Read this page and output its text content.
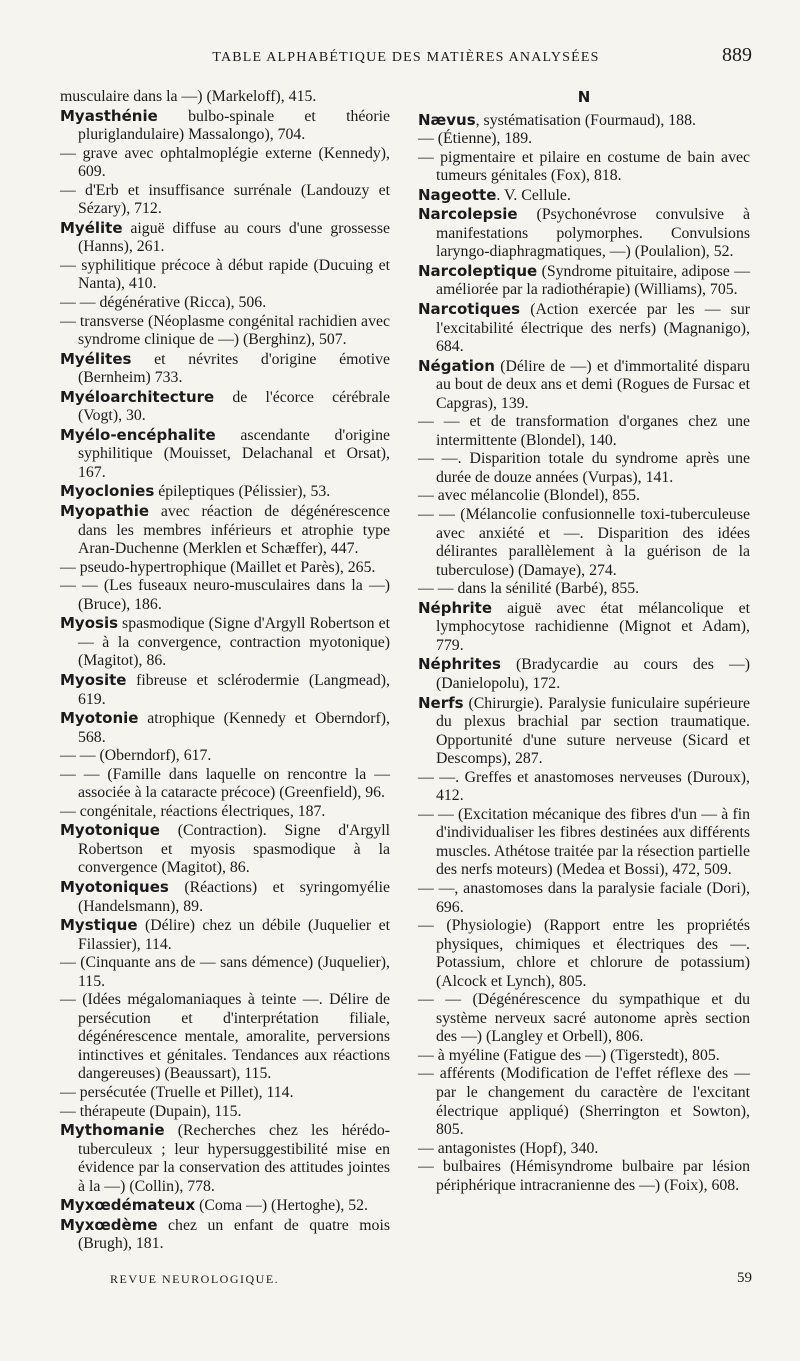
TABLE ALPHABÉTIQUE DES MATIÈRES ANALYSÉES	889

musculaire dans la —) (Markeloff), 415.

Myasthénie bulbo-spinale et théorie pluriglandulaire) Massalongo), 704.

— grave avec ophtalmoplégie externe (Kennedy), 609.

— d'Erb et insuffisance surrénale (Landouzy et Sézary), 712.

Myélite aiguë diffuse au cours d'une grossesse (Hanns), 261.

— syphilitique précoce à début rapide (Ducuing et Nanta), 410.

— — dégénérative (Ricca), 506.

— transverse (Néoplasme congénital rachidien avec syndrome clinique de —) (Berghinz), 507.

Myélites et névrites d'origine émotive (Bernheim) 733.

Myéloarchitecture de l'écorce cérébrale (Vogt), 30.

Myélo-encéphalite ascendante d'origine syphilitique (Mouisset, Delachanal et Orsat), 167.

Myoclonies épileptiques (Pélissier), 53.

Myopathie avec réaction de dégénérescence dans les membres inférieurs et atrophie type Aran-Duchenne (Merklen et Schæffer), 447.

— pseudo-hypertrophique (Maillet et Parès), 265.

— — (Les fuseaux neuro-musculaires dans la —) (Bruce), 186.

Myosis spasmodique (Signe d'Argyll Robertson et — à la convergence, contraction myotonique) (Magitot), 86.

Myosite fibreuse et sclérodermie (Langmead), 619.

Myotonie atrophique (Kennedy et Oberndorf), 568.

— — (Oberndorf), 617.

— — (Famille dans laquelle on rencontre la — associée à la cataracte précoce) (Greenfield), 96.

— congénitale, réactions électriques, 187.

Myotonique (Contraction). Signe d'Argyll Robertson et myosis spasmodique à la convergence (Magitot), 86.

Myotoniques (Réactions) et syringomyélie (Handelsmann), 89.

Mystique (Délire) chez un débile (Juquelier et Filassier), 114.

— (Cinquante ans de — sans démence) (Juquelier), 115.

— (Idées mégalomaniaques à teinte —. Délire de persécution et d'interprétation filiale, dégénérescence mentale, amoralite, perversions intinctives et génitales. Tendances aux réactions dangereuses) (Beaussart), 115.

— persécutée (Truelle et Pillet), 114.

— thérapeute (Dupain), 115.

Mythomanie (Recherches chez les hérédo-tuberculeux ; leur hypersuggestibilité mise en évidence par la conservation des attitudes jointes à la —) (Collin), 778.

Myxœdémateux (Coma —) (Hertoghe), 52.

Myxœdème chez un enfant de quatre mois (Brugh), 181.

N

Nævus, systématisation (Fourmaud), 188.

— (Étienne), 189.

— pigmentaire et pilaire en costume de bain avec tumeurs génitales (Fox), 818.

Nageotte. V. Cellule.

Narcolepsie (Psychonévrose convulsive à manifestations polymorphes. Convulsions laryngo-diaphragmatiques, —) (Poulalion), 52.

Narcoleptique (Syndrome pituitaire, adipose — améliorée par la radiothérapie) (Williams), 705.

Narcotiques (Action exercée par les — sur l'excitabilité électrique des nerfs) (Magnanigo), 684.

Négation (Délire de —) et d'immortalité disparu au bout de deux ans et demi (Rogues de Fursac et Capgras), 139.

— — et de transformation d'organes chez une intermittente (Blondel), 140.

— —. Disparition totale du syndrome après une durée de douze années (Vurpas), 141.

— avec mélancolie (Blondel), 855.

— — (Mélancolie confusionnelle toxi-tuberculeuse avec anxiété et —. Disparition des idées délirantes parallèlement à la guérison de la tuberculose) (Damaye), 274.

— — dans la sénilité (Barbé), 855.

Néphrite aiguë avec état mélancolique et lymphocytose rachidienne (Mignot et Adam), 779.

Néphrites (Bradycardie au cours des —) (Danielopolu), 172.

Nerfs (Chirurgie). Paralysie funiculaire supérieure du plexus brachial par section traumatique. Opportunité d'une suture nerveuse (Sicard et Descomps), 287.

— —. Greffes et anastomoses nerveuses (Duroux), 412.

— — (Excitation mécanique des fibres d'un — à fin d'individualiser les fibres destinées aux différents muscles. Athétose traitée par la résection partielle des nerfs moteurs) (Medea et Bossi), 472, 509.

— —, anastomoses dans la paralysie faciale (Dori), 696.

— (Physiologie) (Rapport entre les propriétés physiques, chimiques et électriques des —. Potassium, chlore et chlorure de potassium) (Alcock et Lynch), 805.

— — (Dégénérescence du sympathique et du système nerveux sacré autonome après section des —) (Langley et Orbell), 806.

— à myéline (Fatigue des —) (Tigerstedt), 805.

— afférents (Modification de l'effet réflexe des — par le changement du caractère de l'excitant électrique appliqué) (Sherrington et Sowton), 805.

— antagonistes (Hopf), 340.

— bulbaires (Hémisyndrome bulbaire par lésion périphérique intracranienne des —) (Foix), 608.

REVUE NEUROLOGIQUE.	59
